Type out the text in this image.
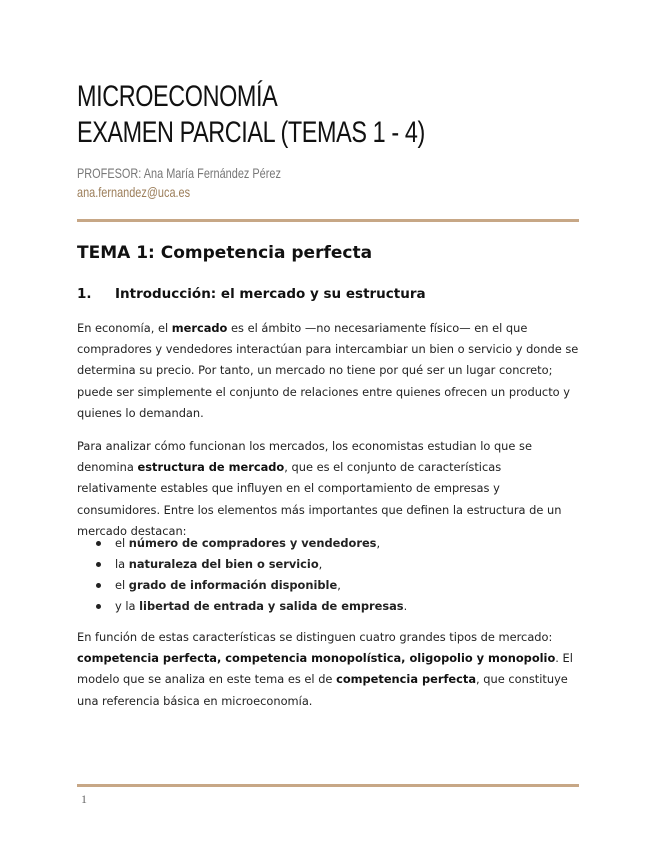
MICROECONOMÍA
EXAMEN PARCIAL (TEMAS 1 - 4)
PROFESOR: Ana María Fernández Pérez
ana.fernandez@uca.es
TEMA 1: Competencia perfecta
1. Introducción: el mercado y su estructura
En economía, el mercado es el ámbito —no necesariamente físico— en el que compradores y vendedores interactúan para intercambiar un bien o servicio y donde se determina su precio. Por tanto, un mercado no tiene por qué ser un lugar concreto; puede ser simplemente el conjunto de relaciones entre quienes ofrecen un producto y quienes lo demandan.
Para analizar cómo funcionan los mercados, los economistas estudian lo que se denomina estructura de mercado, que es el conjunto de características relativamente estables que influyen en el comportamiento de empresas y consumidores. Entre los elementos más importantes que definen la estructura de un mercado destacan:
el número de compradores y vendedores,
la naturaleza del bien o servicio,
el grado de información disponible,
y la libertad de entrada y salida de empresas.
En función de estas características se distinguen cuatro grandes tipos de mercado: competencia perfecta, competencia monopolística, oligopolio y monopolio. El modelo que se analiza en este tema es el de competencia perfecta, que constituye una referencia básica en microeconomía.
1
